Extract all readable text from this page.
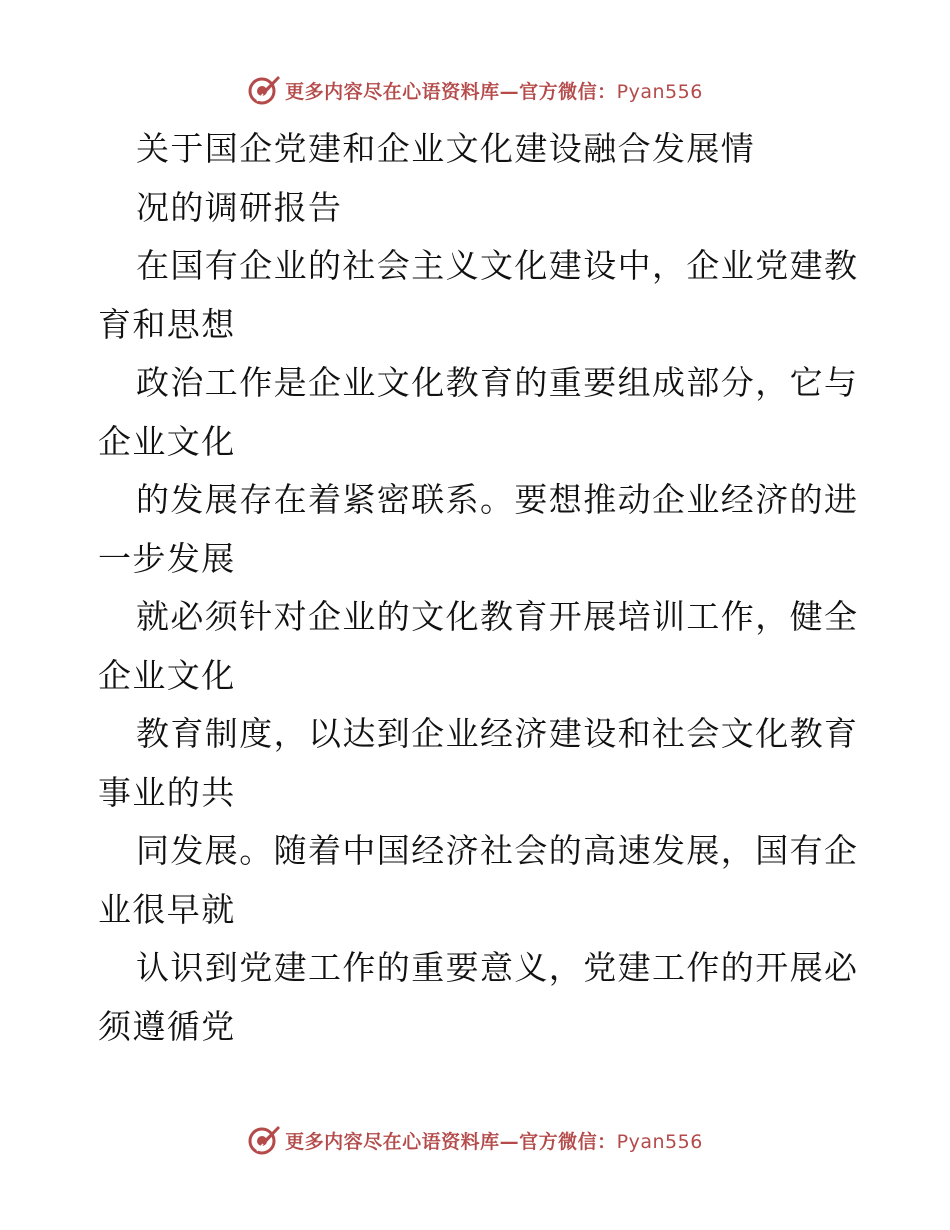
更多内容尽在心语资料库—官方微信：Pyan556
关于国企党建和企业文化建设融合发展情
况的调研报告
在国有企业的社会主义文化建设中，企业党建教
育和思想
政治工作是企业文化教育的重要组成部分，它与
企业文化
的发展存在着紧密联系。要想推动企业经济的进
一步发展
就必须针对企业的文化教育开展培训工作，健全
企业文化
教育制度，以达到企业经济建设和社会文化教育
事业的共
同发展。随着中国经济社会的高速发展，国有企
业很早就
认识到党建工作的重要意义，党建工作的开展必
须遵循党
更多内容尽在心语资料库—官方微信：Pyan556
